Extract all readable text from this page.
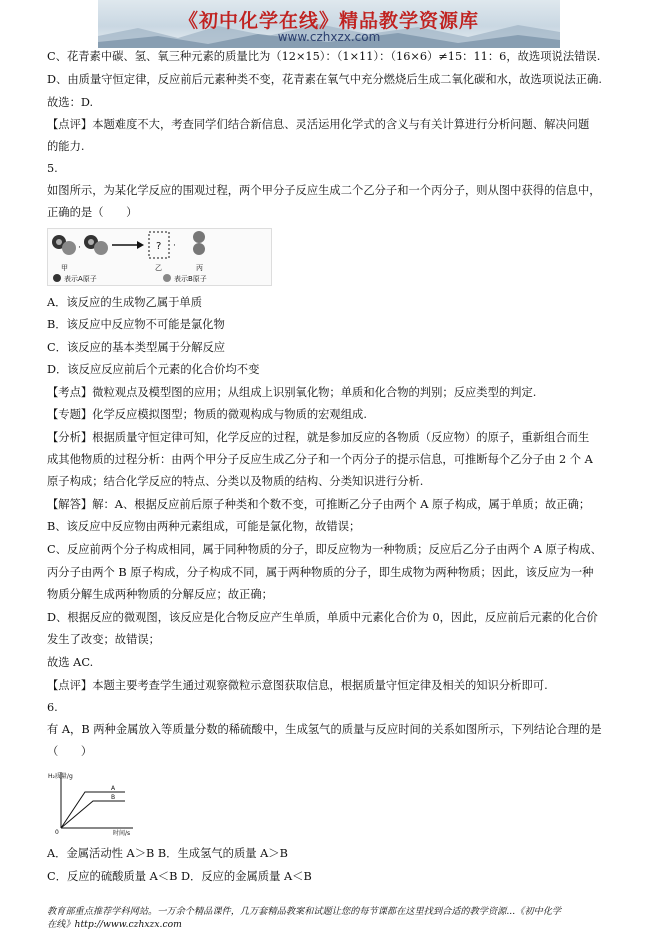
《初中化学在线》精品教学资源库
www.czhxzx.com
C、花青素中碳、氢、氧三种元素的质量比为（12×15）：（1×11）：（16×6）≠15：11：6，故选项说法错误.
D、由质量守恒定律，反应前后元素种类不变，花青素在氧气中充分燃烧后生成二氧化碳和水，故选项说法正确.
故选：D.
【点评】本题难度不大，考查同学们结合新信息、灵活运用化学式的含义与有关计算进行分析问题、解决问题
的能力.
5.
如图所示，为某化学反应的围观过程，两个甲分子反应生成二个乙分子和一个丙分子，则从图中获得的信息中，
正确的是（　　）
·	? ·
甲	乙	丙
表示A原子	表示B原子
A．该反应的生成物乙属于单质
B．该反应中反应物不可能是氯化物
C．该反应的基本类型属于分解反应
D．该反应反应前后个元素的化合价均不变
【考点】微粒观点及模型图的应用；从组成上识别氧化物；单质和化合物的判别；反应类型的判定.
【专题】化学反应模拟图型；物质的微观构成与物质的宏观组成.
【分析】根据质量守恒定律可知，化学反应的过程，就是参加反应的各物质（反应物）的原子，重新组合而生
成其他物质的过程分析：由两个甲分子反应生成乙分子和一个丙分子的提示信息，可推断每个乙分子由 2 个 A
原子构成；结合化学反应的特点、分类以及物质的结构、分类知识进行分析.
【解答】解：A、根据反应前后原子种类和个数不变，可推断乙分子由两个 A 原子构成，属于单质；故正确；
B、该反应中反应物由两种元素组成，可能是氯化物，故错误；
C、反应前两个分子构成相同，属于同种物质的分子，即反应物为一种物质；反应后乙分子由两个 A 原子构成、
丙分子由两个 B 原子构成，分子构成不同，属于两种物质的分子，即生成物为两种物质；因此，该反应为一种
物质分解生成两种物质的分解反应；故正确；
D、根据反应的微观图，该反应是化合物反应产生单质，单质中元素化合价为 0，因此，反应前后元素的化合价
发生了改变；故错误；
故选 AC.
【点评】本题主要考查学生通过观察微粒示意图获取信息，根据质量守恒定律及相关的知识分析即可.
6.
有 A，B 两种金属放入等质量分数的稀硫酸中，生成氢气的质量与反应时间的关系如图所示，下列结论合理的是
（　　）
H₂质量/g
0	时间/s
A
B
A．金属活动性 A＞B B．生成氢气的质量 A＞B
C．反应的硫酸质量 A＜B D．反应的金属质量 A＜B
教育部重点推荐学科网站。一万余个精品课件，几万套精品教案和试题让您的每节课都在这里找到合适的教学资源...《初中化学
在线》http://www.czhxzx.com
